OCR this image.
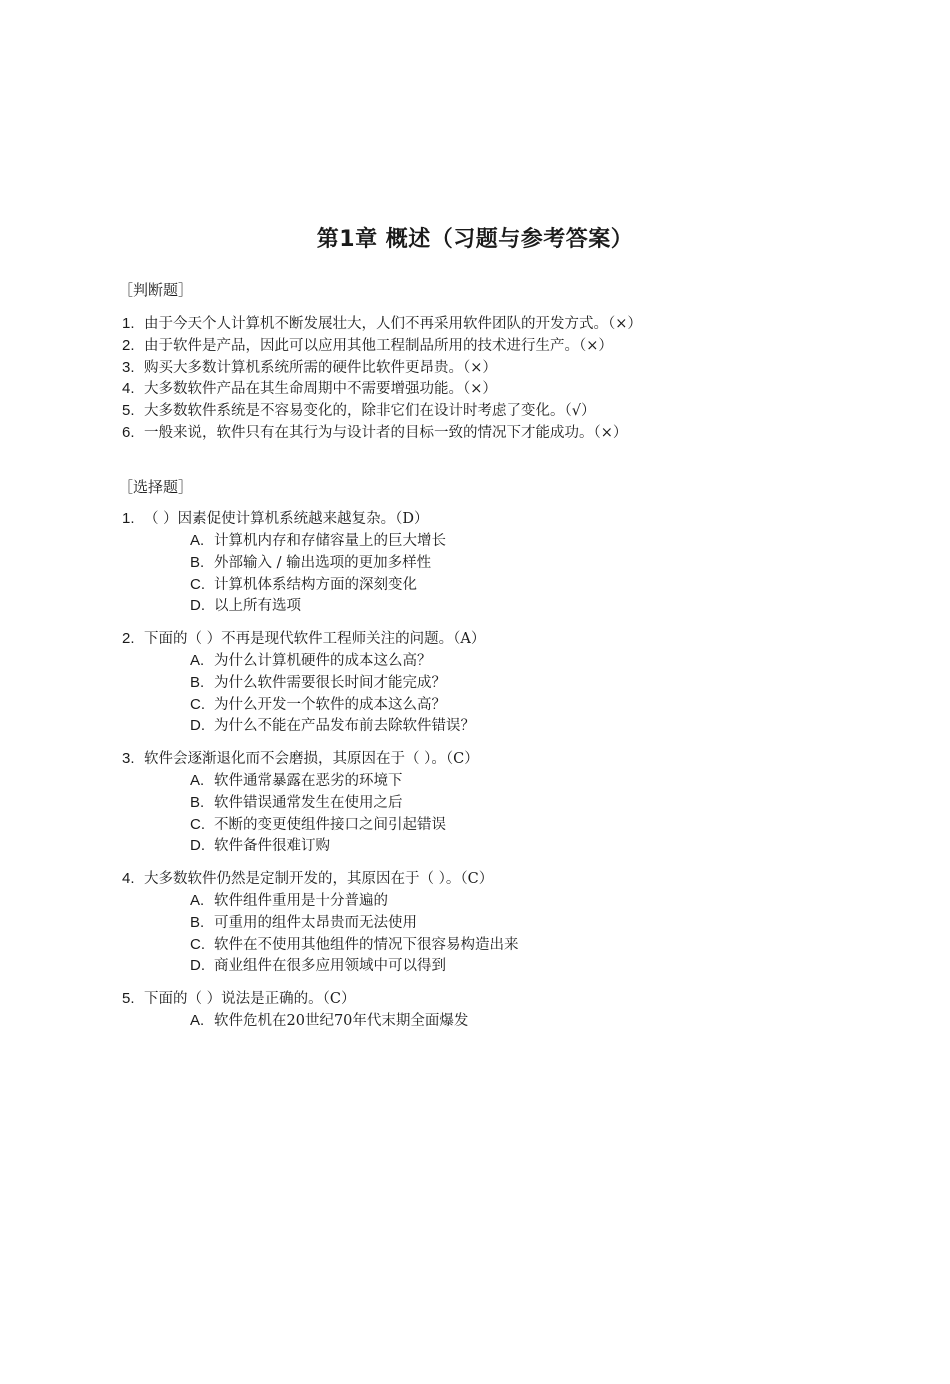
第1章 概述（习题与参考答案）

［判断题］

1. 由于今天个人计算机不断发展壮大，人们不再采用软件团队的开发方式。（×）
2. 由于软件是产品，因此可以应用其他工程制品所用的技术进行生产。（×）
3. 购买大多数计算机系统所需的硬件比软件更昂贵。（×）
4. 大多数软件产品在其生命周期中不需要增强功能。（×）
5. 大多数软件系统是不容易变化的，除非它们在设计时考虑了变化。（√）
6. 一般来说，软件只有在其行为与设计者的目标一致的情况下才能成功。（×）

［选择题］

1. （ ）因素促使计算机系统越来越复杂。（D）
A. 计算机内存和存储容量上的巨大增长
B. 外部输入 / 输出选项的更加多样性
C. 计算机体系结构方面的深刻变化
D. 以上所有选项
2. 下面的（ ）不再是现代软件工程师关注的问题。（A）
A. 为什么计算机硬件的成本这么高？
B. 为什么软件需要很长时间才能完成？
C. 为什么开发一个软件的成本这么高？
D. 为什么不能在产品发布前去除软件错误？
3. 软件会逐渐退化而不会磨损，其原因在于（ ）。（C）
A. 软件通常暴露在恶劣的环境下
B. 软件错误通常发生在使用之后
C. 不断的变更使组件接口之间引起错误
D. 软件备件很难订购
4. 大多数软件仍然是定制开发的，其原因在于（ ）。（C）
A. 软件组件重用是十分普遍的
B. 可重用的组件太昂贵而无法使用
C. 软件在不使用其他组件的情况下很容易构造出来
D. 商业组件在很多应用领域中可以得到
5. 下面的（ ）说法是正确的。（C）
A. 软件危机在20世纪70年代末期全面爆发
